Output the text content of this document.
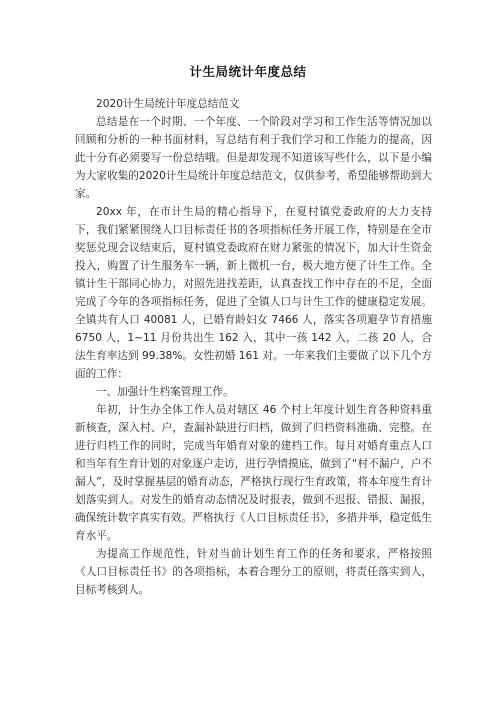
计生局统计年度总结

2020计生局统计年度总结范文

总结是在一个时期、一个年度、一个阶段对学习和工作生活等情况加以回顾和分析的一种书面材料，写总结有利于我们学习和工作能力的提高，因此十分有必须要写一份总结哦。但是却发现不知道该写些什么，以下是小编为大家收集的2020计生局统计年度总结范文，仅供参考，希望能够帮助到大家。

20xx 年，在市计生局的精心指导下，在夏村镇党委政府的大力支持下，我们紧紧围绕人口目标责任书的各项指标任务开展工作，特别是在全市奖惩兑现会议结束后，夏村镇党委政府在财力紧张的情况下，加大计生资金投入，购置了计生服务车一辆，新上微机一台，极大地方便了计生工作。全镇计生干部同心协力，对照先进找差距，认真查找工作中存在的不足，全面完成了今年的各项指标任务，促进了全镇人口与计生工作的健康稳定发展。全镇共有人口 40081 人，已婚育龄妇女 7466 人，落实各项避孕节育措施 6750 人，1~11 月份共出生 162 入，其中一孩 142 入，二孩 20 人，合法生育率达到 99.38%。女性初婚 161 对。一年来我们主要做了以下几个方面的工作：

一、加强计生档案管理工作。

年初，计生办全体工作人员对辖区 46 个村上年度计划生育各种资料重新核查，深入村、户，查漏补缺进行归档，做到了归档资料准确、完整。在进行归档工作的同时，完成当年婚育对象的建档工作。每月对婚育重点人口和当年有生育计划的对象逐户走访，进行孕情摸底，做到了“村不漏户，户不漏人”，及时掌握基层的婚育动态，严格执行现行生育政策，将本年度生育计划落实到人。对发生的婚育动态情况及时报表，做到不迟报、错报、漏报，确保统计数字真实有效。严格执行《人口目标责任书》，多措并举，稳定低生育水平。

为提高工作规范性，针对当前计划生育工作的任务和要求，严格按照《人口目标责任书》的各项指标，本着合理分工的原则，将责任落实到人，目标考核到人。
